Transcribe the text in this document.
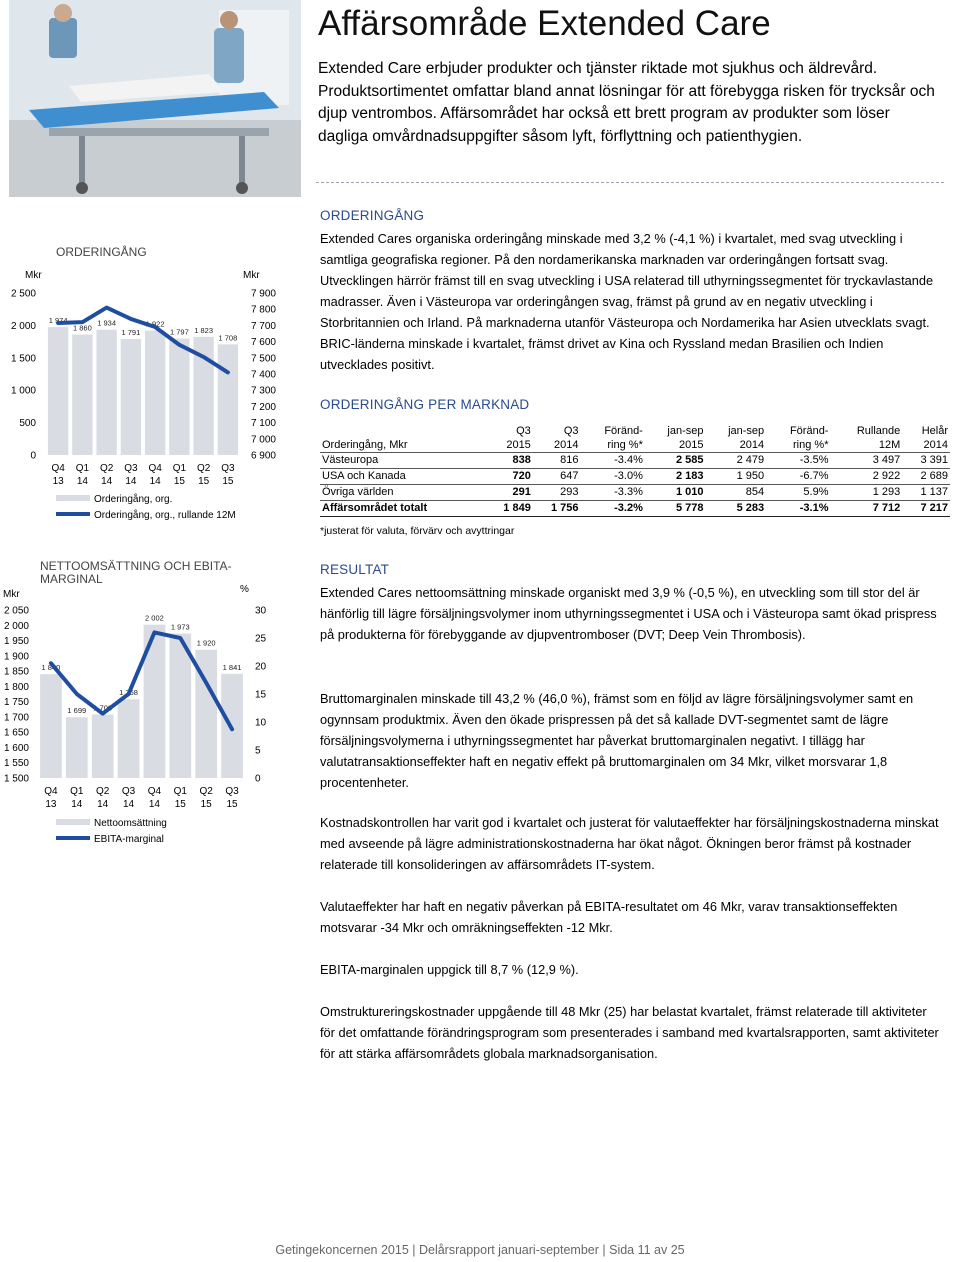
Affärsområde Extended Care
Extended Care erbjuder produkter och tjänster riktade mot sjukhus och äldrevård. Produktsortimentet omfattar bland annat lösningar för att förebygga risken för trycksår och djup ventrombos. Affärsområdet har också ett brett program av produkter som löser dagliga omvårdnadsuppgifter såsom lyft, förflyttning och patienthygien.
ORDERINGÅNG
Extended Cares organiska orderingång minskade med 3,2 % (-4,1 %) i kvartalet, med svag utveckling i samtliga geografiska regioner. På den nordamerikanska marknaden var orderingången fortsatt svag. Utvecklingen härrör främst till en svag utveckling i USA relaterad till uthyrningssegmentet för tryckavlastande madrasser. Även i Västeuropa var orderingången svag, främst på grund av en negativ utveckling i Storbritannien och Irland. På marknaderna utanför Västeuropa och Nordamerika har Asien utvecklats svagt. BRIC-länderna minskade i kvartalet, främst drivet av Kina och Ryssland medan Brasilien och Indien utvecklades positivt.
ORDERINGÅNG PER MARKNAD
	Q3	Q3	Föränd-	jan-sep	jan-sep	Föränd-	Rullande	Helår
Orderingång, Mkr	2015	2014	ring %*	2015	2014	ring %*	12M	2014
Västeuropa	838	816	-3.4%	2 585	2 479	-3.5%	3 497	3 391
USA och Kanada	720	647	-3.0%	2 183	1 950	-6.7%	2 922	2 689
Övriga världen	291	293	-3.3%	1 010	854	5.9%	1 293	1 137
Affärsområdet totalt	1 849	1 756	-3.2%	5 778	5 283	-3.1%	7 712	7 217
*justerat för valuta, förvärv och avyttringar
RESULTAT
Extended Cares nettoomsättning minskade organiskt med 3,9 % (-0,5 %), en utveckling som till stor del är hänförlig till lägre försäljningsvolymer inom uthyrningssegmentet i USA och i Västeuropa samt ökad prispress på produkterna för förebyggande av djupventromboser (DVT; Deep Vein Thrombosis).
Bruttomarginalen minskade till 43,2 % (46,0 %), främst som en följd av lägre försäljningsvolymer samt en ogynnsam produktmix. Även den ökade prispressen på det så kallade DVT-segmentet samt de lägre försäljningsvolymerna i uthyrningssegmentet har påverkat bruttomarginalen negativt. I tillägg har valutatransaktionseffekter haft en negativ effekt på bruttomarginalen om 34 Mkr, vilket morsvarar 1,8 procentenheter.
Kostnadskontrollen har varit god i kvartalet och justerat för valutaeffekter har försäljningskostnaderna minskat med avseende på lägre administrationskostnaderna har ökat något. Ökningen beror främst på kostnader relaterade till konsolideringen av affärsområdets IT-system.
Valutaeffekter har haft en negativ påverkan på EBITA-resultatet om 46 Mkr, varav transaktionseffekten motsvarar -34 Mkr och omräkningseffekten -12 Mkr.
EBITA-marginalen uppgick till 8,7 % (12,9 %).
Omstruktureringskostnader uppgående till 48 Mkr (25) har belastat kvartalet, främst relaterade till aktiviteter för det omfattande förändringsprogram som presenterades i samband med kvartalsrapporten, samt aktiviteter för att stärka affärsområdets globala marknadsorganisation.
ORDERINGÅNG
Mkr	Mkr
2 500
2 000
1 500
1 000
500
0
7 900
7 800
7 700
7 600
7 500
7 400
7 300
7 200
7 100
7 000
6 900
1 974
Q4
13
1 860
Q1
14
1 934
Q2
14
1 791
Q3
14
1 922
Q4
14
1 797
Q1
15
1 823
Q2
15
1 708
Q3
15
Orderingång, org.
Orderingång, org., rullande 12M
NETTOOMSÄTTNING OCH EBITA-
MARGINAL
Mkr	%
2 050
2 000
1 950
1 900
1 850
1 800
1 750
1 700
1 650
1 600
1 550
1 500
30
25
20
15
10
5
0
1 840
Q4
13
1 699
Q1
14
1 708
Q2
14
1 758
Q3
14
2 002
Q4
14
1 973
Q1
15
1 920
Q2
15
1 841
Q3
15
Nettoomsättning
EBITA-marginal
Getingekoncernen 2015 | Delårsrapport januari-september | Sida 11 av 25
